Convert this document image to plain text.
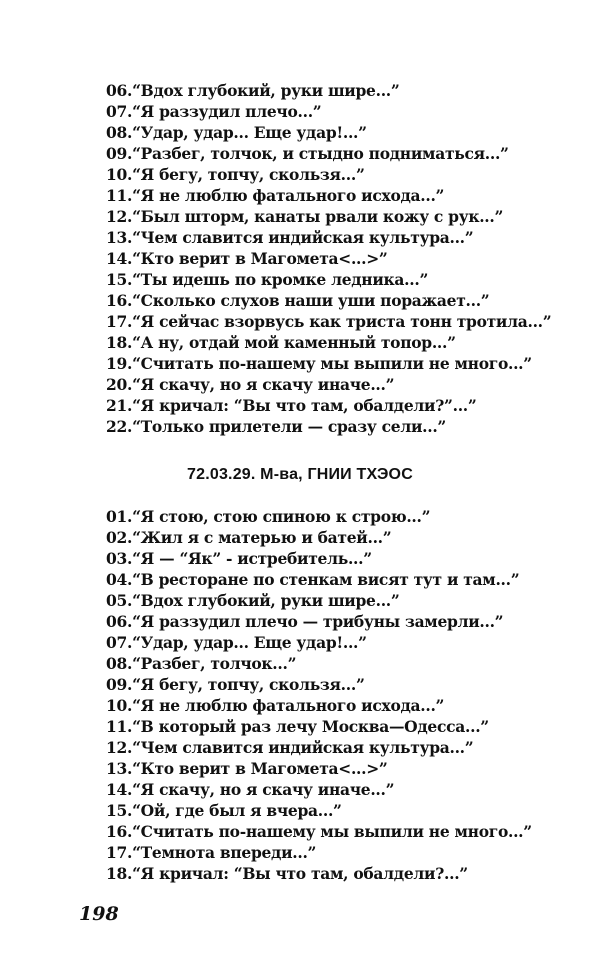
06.“Вдох глубокий, руки шире...”
07.“Я раззудил плечо...”
08.“Удар, удар... Еще удар!...”
09.“Разбег, толчок, и стыдно подниматься...”
10.“Я бегу, топчу, скользя...”
11.“Я не люблю фатального исхода...”
12.“Был шторм, канаты рвали кожу с рук...”
13.“Чем славится индийская культура...”
14.“Кто верит в Магомета<...>”
15.“Ты идешь по кромке ледника...”
16.“Сколько слухов наши уши поражает...”
17.“Я сейчас взорвусь как триста тонн тротила...”
18.“А ну, отдай мой каменный топор...”
19.“Считать по-нашему мы выпили не много...”
20.“Я скачу, но я скачу иначе...”
21.“Я кричал: “Вы что там, обалдели?”...”
22.“Только прилетели — сразу сели...”
72.03.29. М-ва, ГНИИ ТХЭОС
01.“Я стою, стою спиною к строю...”
02.“Жил я с матерью и батей...”
03.“Я — “Як” - истребитель...”
04.“В ресторане по стенкам висят тут и там...”
05.“Вдох глубокий, руки шире...”
06.“Я раззудил плечо — трибуны замерли...”
07.“Удар, удар... Еще удар!...”
08.“Разбег, толчок...”
09.“Я бегу, топчу, скользя...”
10.“Я не люблю фатального исхода...”
11.“В который раз лечу Москва—Одесса...”
12.“Чем славится индийская культура...”
13.“Кто верит в Магомета<...>”
14.“Я скачу, но я скачу иначе...”
15.“Ой, где был я вчера...”
16.“Считать по-нашему мы выпили не много...”
17.“Темнота впереди...”
18.“Я кричал: “Вы что там, обалдели?...”
198
